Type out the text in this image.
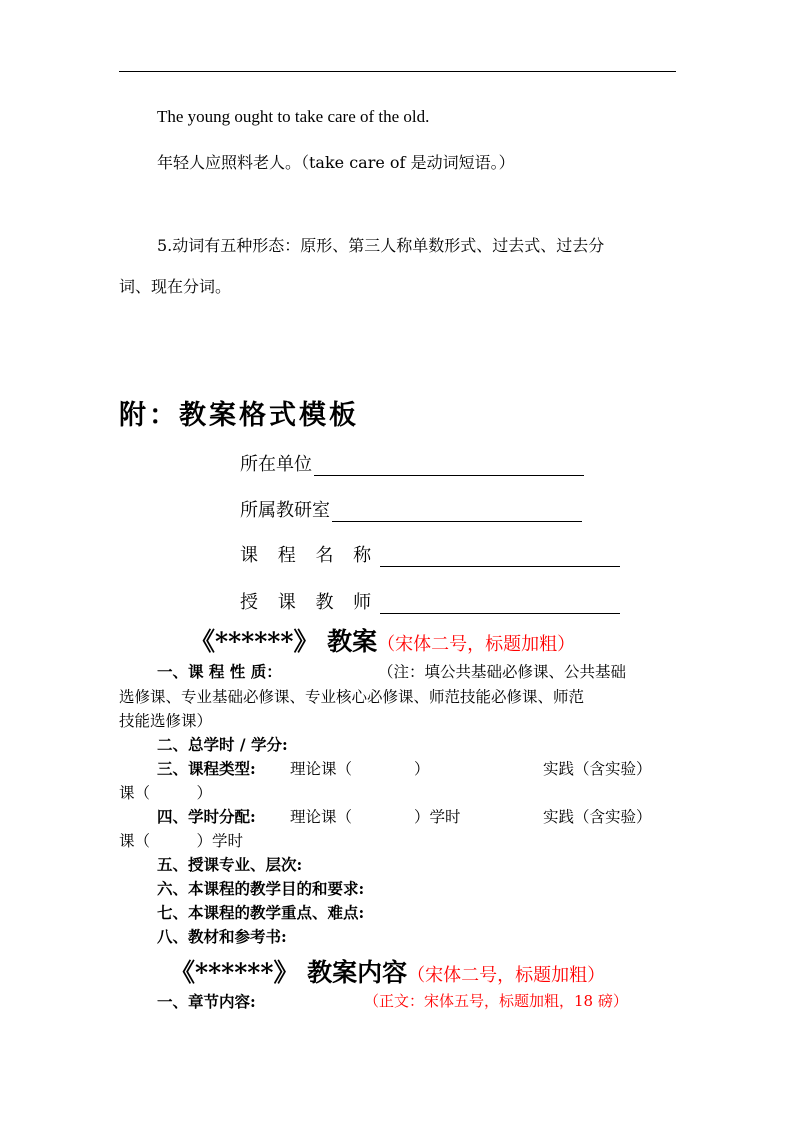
The young ought to take care of the old.
年轻人应照料老人。（take care of 是动词短语。）
5.动词有五种形态：原形、第三人称单数形式、过去式、过去分
词、现在分词。
附：教案格式模板
所在单位
所属教研室
课 程 名 称
授 课 教 师
《******》 教案（宋体二号，标题加粗）
一、课 程 性 质：	（注：填公共基础必修课、公共基础
选修课、专业基础必修课、专业核心必修课、师范技能必修课、师范
技能选修课）
二、总学时 / 学分:
三、课程类型: 理论课（　　　　）	实践（含实验）
课（　　　）
四、学时分配: 理论课（　　　　）学时	实践（含实验）
课（　　　）学时
五、授课专业、层次:
六、本课程的教学目的和要求:
七、本课程的教学重点、难点:
八、教材和参考书:
《******》 教案内容（宋体二号，标题加粗）
一、章节内容:	（正文：宋体五号，标题加粗，18 磅）
